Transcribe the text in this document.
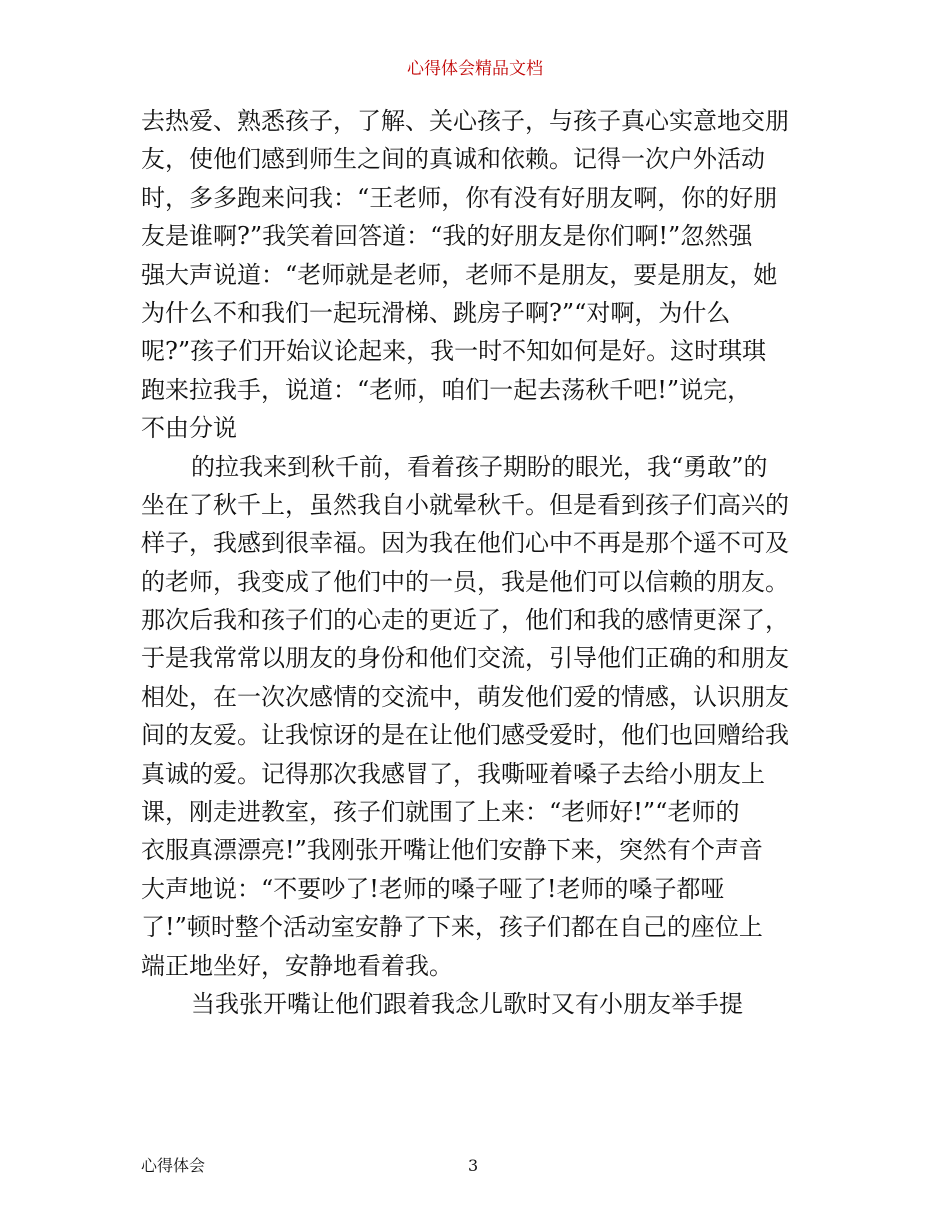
心得体会精品文档
去热爱、熟悉孩子，了解、关心孩子，与孩子真心实意地交朋
友，使他们感到师生之间的真诚和依赖。记得一次户外活动
时，多多跑来问我：“王老师，你有没有好朋友啊，你的好朋
友是谁啊?”我笑着回答道：“我的好朋友是你们啊!”忽然强
强大声说道：“老师就是老师，老师不是朋友，要是朋友，她
为什么不和我们一起玩滑梯、跳房子啊?”“对啊，为什么
呢?”孩子们开始议论起来，我一时不知如何是好。这时琪琪
跑来拉我手，说道：“老师，咱们一起去荡秋千吧!”说完，
不由分说
的拉我来到秋千前，看着孩子期盼的眼光，我“勇敢”的
坐在了秋千上，虽然我自小就晕秋千。但是看到孩子们高兴的
样子，我感到很幸福。因为我在他们心中不再是那个遥不可及
的老师，我变成了他们中的一员，我是他们可以信赖的朋友。
那次后我和孩子们的心走的更近了，他们和我的感情更深了，
于是我常常以朋友的身份和他们交流，引导他们正确的和朋友
相处，在一次次感情的交流中，萌发他们爱的情感，认识朋友
间的友爱。让我惊讶的是在让他们感受爱时，他们也回赠给我
真诚的爱。记得那次我感冒了，我嘶哑着嗓子去给小朋友上
课，刚走进教室，孩子们就围了上来：“老师好!”“老师的
衣服真漂漂亮!”我刚张开嘴让他们安静下来，突然有个声音
大声地说：“不要吵了!老师的嗓子哑了!老师的嗓子都哑
了!”顿时整个活动室安静了下来，孩子们都在自己的座位上
端正地坐好，安静地看着我。
当我张开嘴让他们跟着我念儿歌时又有小朋友举手提
心得体会	3
